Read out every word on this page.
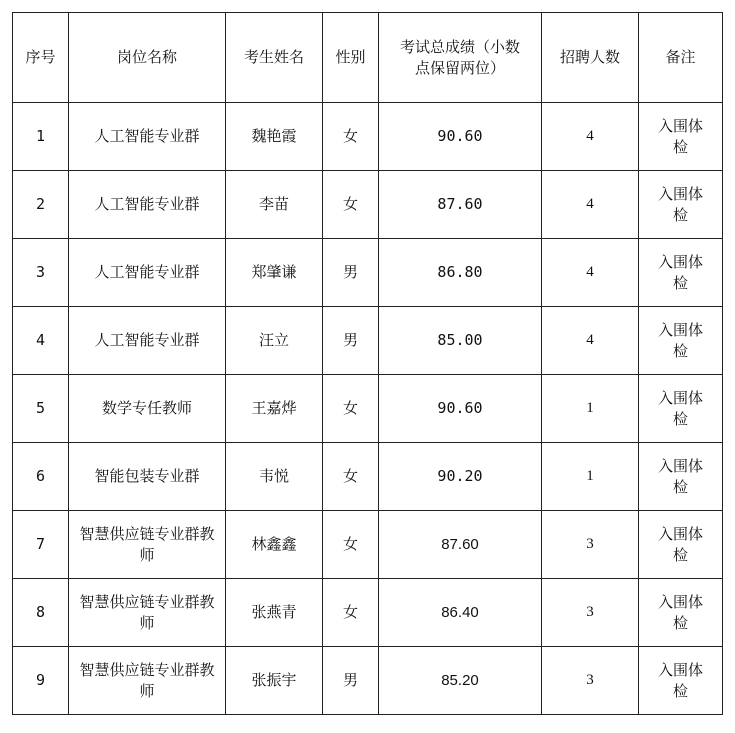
序号	岗位名称	考生姓名	性别	考试总成绩（小数点保留两位）	招聘人数	备注
1	人工智能专业群	魏艳霞	女	90.60	4	入围体检
2	人工智能专业群	李苗	女	87.60	4	入围体检
3	人工智能专业群	郑肇谦	男	86.80	4	入围体检
4	人工智能专业群	汪立	男	85.00	4	入围体检
5	数学专任教师	王嘉烨	女	90.60	1	入围体检
6	智能包装专业群	韦悦	女	90.20	1	入围体检
7	智慧供应链专业群教师	林鑫鑫	女	87.60	3	入围体检
8	智慧供应链专业群教师	张燕青	女	86.40	3	入围体检
9	智慧供应链专业群教师	张振宇	男	85.20	3	入围体检
